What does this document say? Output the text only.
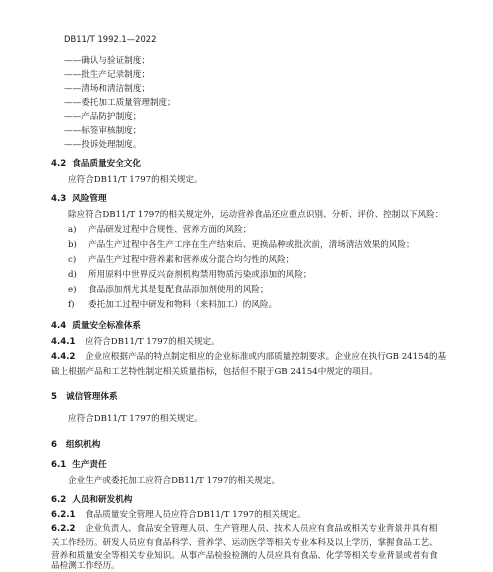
DB11/T 1992.1—2022
——确认与验证制度；
——批生产记录制度；
——清场和清洁制度；
——委托加工质量管理制度；
——产品防护制度；
——标签审核制度；
——投诉处理制度。
4.2 食品质量安全文化
应符合DB11/T 1797的相关规定。
4.3 风险管理
除应符合DB11/T 1797的相关规定外，运动营养食品还应重点识别、分析、评价、控制以下风险：
a) 产品研发过程中合规性、营养方面的风险；
b) 产品生产过程中各生产工序在生产结束后、更换品种或批次前，清场清洁效果的风险；
c) 产品生产过程中营养素和营养成分混合均匀性的风险；
d) 所用原料中世界反兴奋剂机构禁用物质污染或添加的风险；
e) 食品添加剂尤其是复配食品添加剂使用的风险；
f) 委托加工过程中研发和物料（来料加工）的风险。
4.4 质量安全标准体系
4.4.1 应符合DB11/T 1797的相关规定。
4.4.2 企业应根据产品的特点制定相应的企业标准或内部质量控制要求。企业应在执行GB 24154的基
础上根据产品和工艺特性制定相关质量指标，包括但不限于GB 24154中规定的项目。
5 诚信管理体系
应符合DB11/T 1797的相关规定。
6 组织机构
6.1 生产责任
企业生产或委托加工应符合DB11/T 1797的相关规定。
6.2 人员和研发机构
6.2.1 食品质量安全管理人员应符合DB11/T 1797的相关规定。
6.2.2 企业负责人、食品安全管理人员、生产管理人员、技术人员应有食品或相关专业背景并具有相
关工作经历。研发人员应有食品科学、营养学、运动医学等相关专业本科及以上学历，掌握食品工艺、
营养和质量安全等相关专业知识。从事产品检验检测的人员应具有食品、化学等相关专业背景或者有食
品检测工作经历。
